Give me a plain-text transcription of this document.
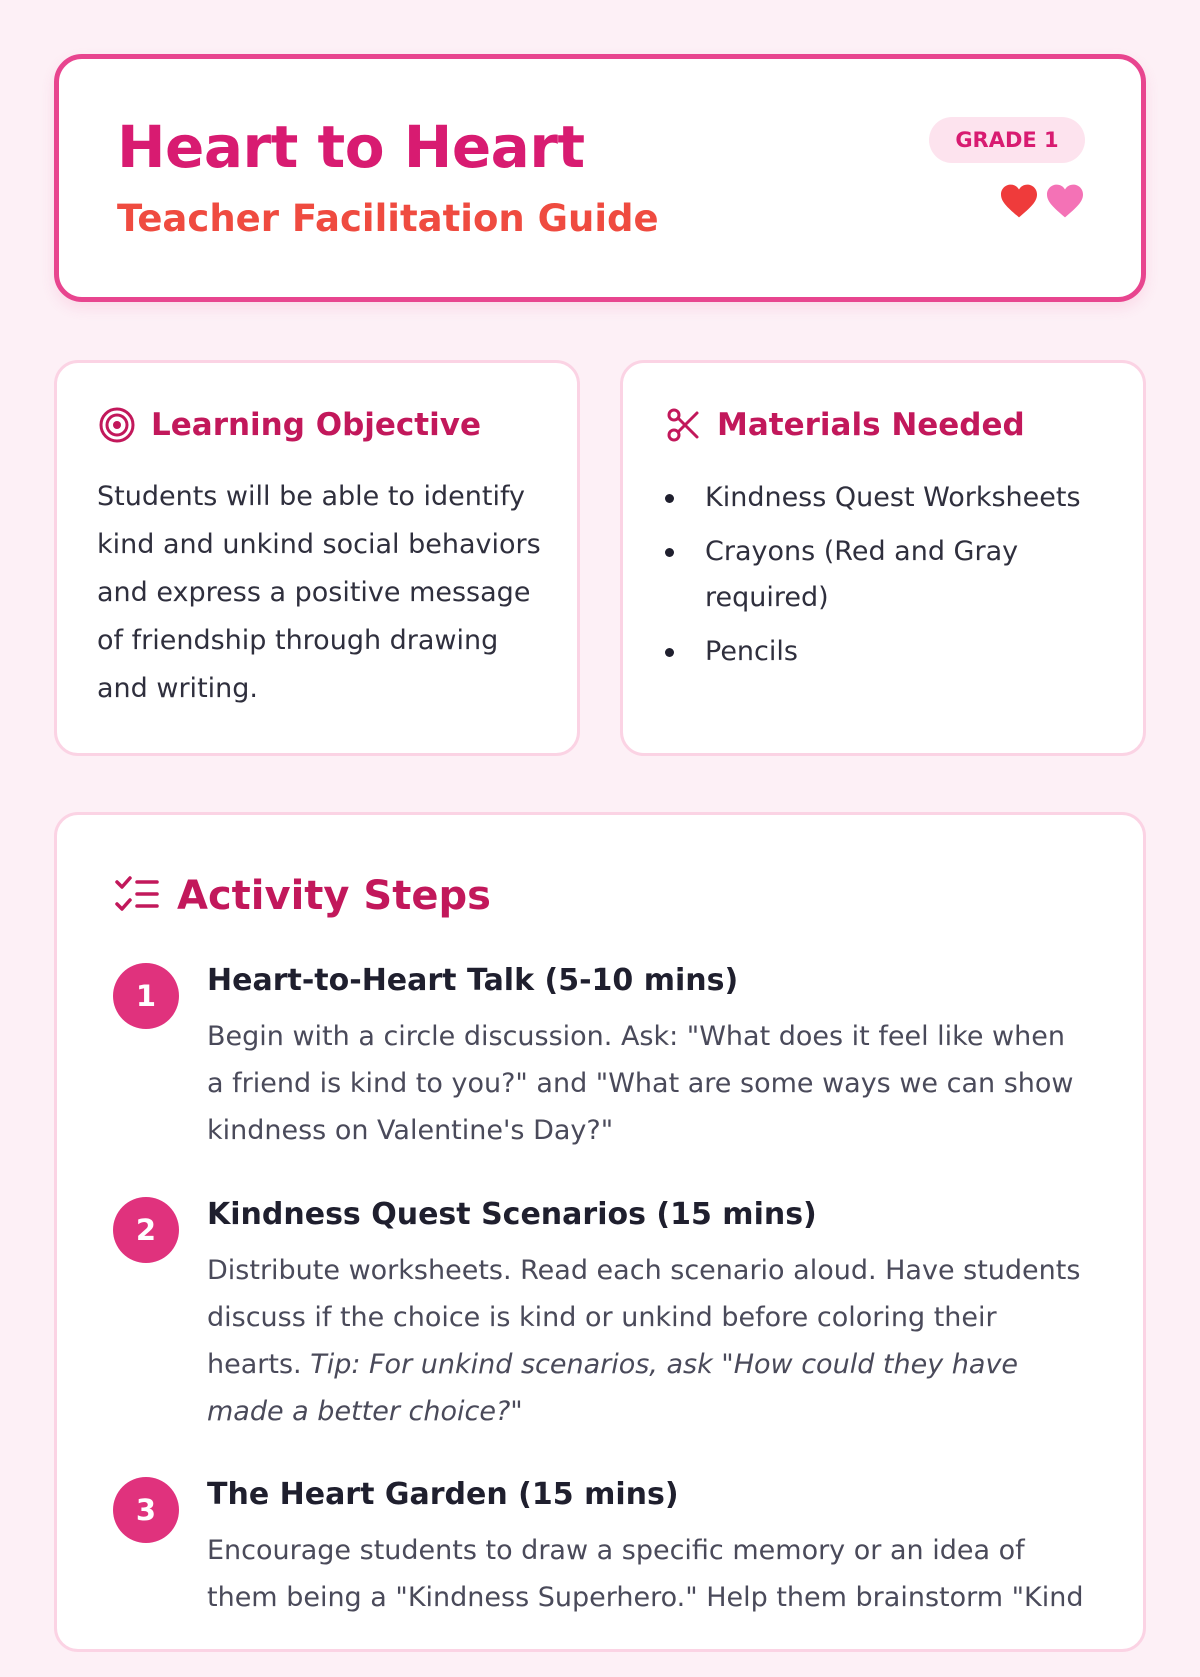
Heart to Heart

Teacher Facilitation Guide

GRADE 1
Learning Objective

Students will be able to identify kind and unkind social behaviors and express a positive message of friendship through drawing and writing.

Materials Needed
Kindness Quest Worksheets
Crayons (Red and Gray required)
Pencils
Activity Steps
1	Heart-to-Heart Talk (5-10 mins)

Begin with a circle discussion. Ask: "What does it feel like when a friend is kind to you?" and "What are some ways we can show kindness on Valentine's Day?"

2	Kindness Quest Scenarios (15 mins)

Distribute worksheets. Read each scenario aloud. Have students discuss if the choice is kind or unkind before coloring their hearts. Tip: For unkind scenarios, ask "How could they have made a better choice?"

3	The Heart Garden (15 mins)

Encourage students to draw a specific memory or an idea of them being a "Kindness Superhero." Help them brainstorm "Kind
